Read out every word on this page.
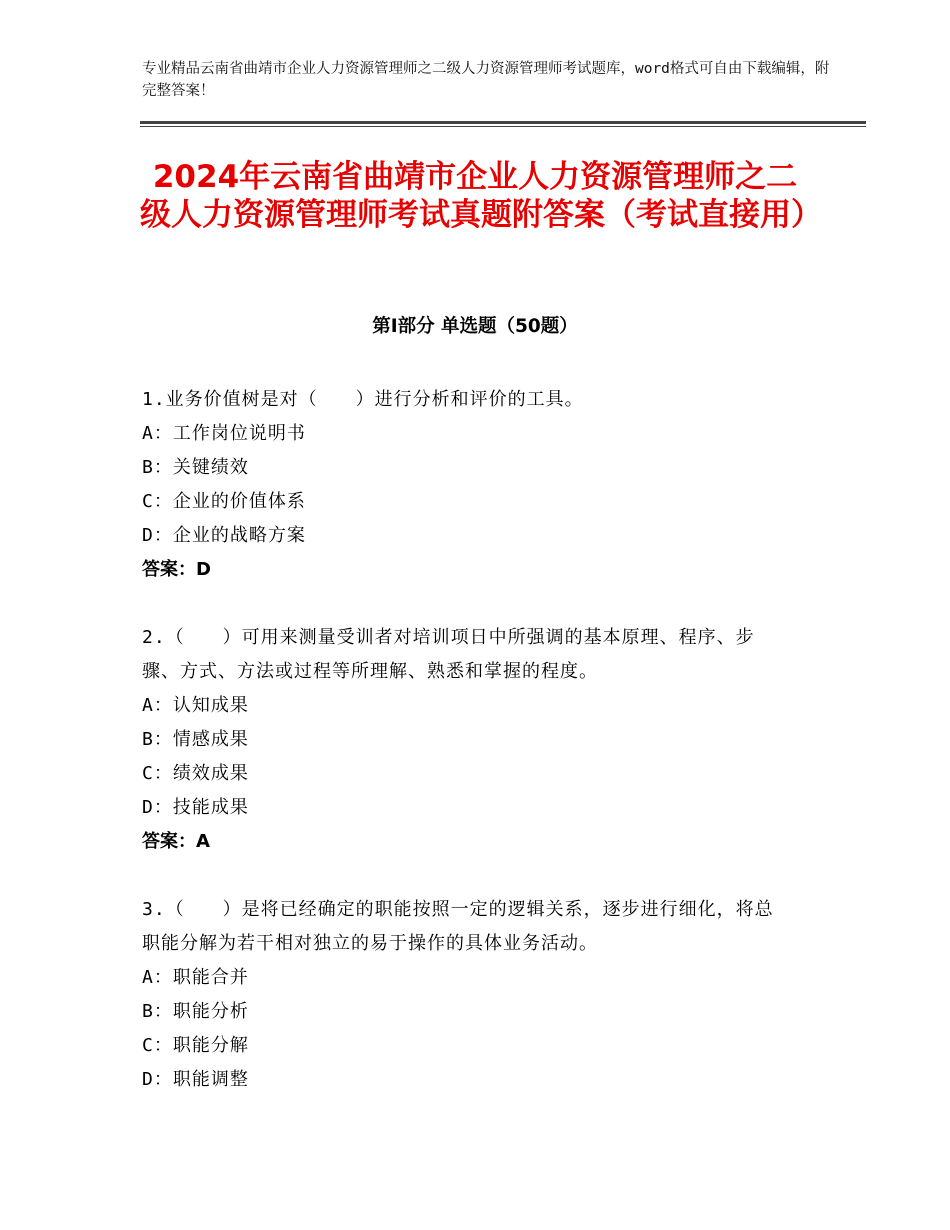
专业精品云南省曲靖市企业人力资源管理师之二级人力资源管理师考试题库，word格式可自由下载编辑，附完整答案！
2024年云南省曲靖市企业人力资源管理师之二级人力资源管理师考试真题附答案（考试直接用）
第Ⅰ部分 单选题（50题）
1.业务价值树是对（　　）进行分析和评价的工具。
A：工作岗位说明书
B：关键绩效
C：企业的价值体系
D：企业的战略方案
答案：D
2.（　　）可用来测量受训者对培训项日中所强调的基本原理、程序、步骤、方式、方法或过程等所理解、熟悉和掌握的程度。
A：认知成果
B：情感成果
C：绩效成果
D：技能成果
答案：A
3.（　　）是将已经确定的职能按照一定的逻辑关系，逐步进行细化，将总职能分解为若干相对独立的易于操作的具体业务活动。
A：职能合并
B：职能分析
C：职能分解
D：职能调整
